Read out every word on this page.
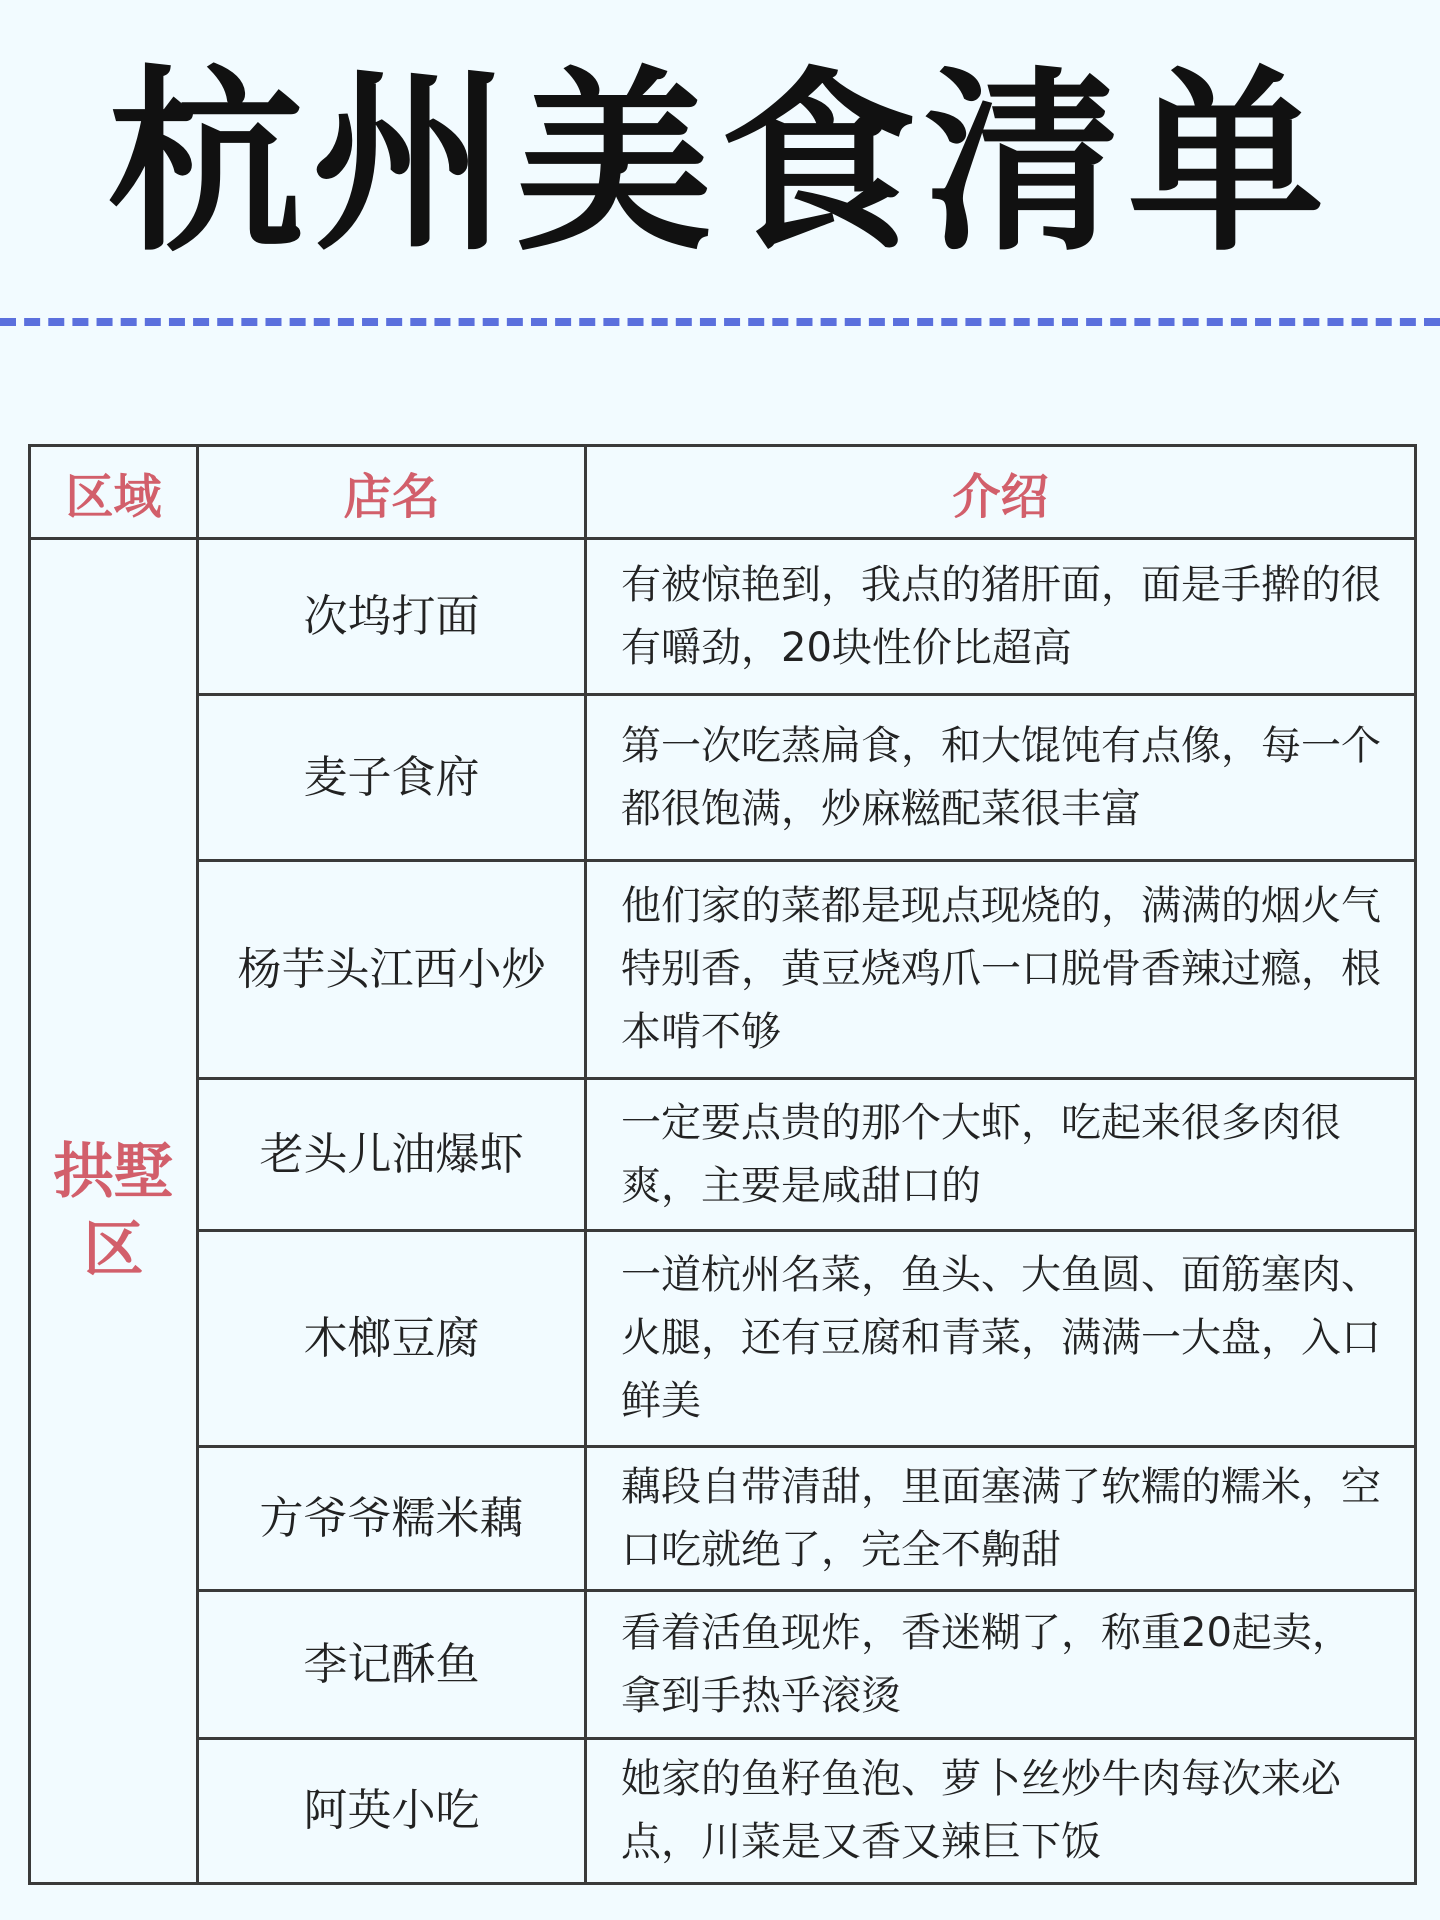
杭州美食清单
区域	店名	介绍
拱墅区	次坞打面	有被惊艳到，我点的猪肝面，面是手擀的很有嚼劲，20块性价比超高
	麦子食府	第一次吃蒸扁食，和大馄饨有点像，每一个都很饱满，炒麻糍配菜很丰富
	杨芋头江西小炒	他们家的菜都是现点现烧的，满满的烟火气特别香，黄豆烧鸡爪一口脱骨香辣过瘾，根本啃不够
	老头儿油爆虾	一定要点贵的那个大虾，吃起来很多肉很爽，主要是咸甜口的
	木榔豆腐	一道杭州名菜，鱼头、大鱼圆、面筋塞肉、火腿，还有豆腐和青菜，满满一大盘，入口鲜美
	方爷爷糯米藕	藕段自带清甜，里面塞满了软糯的糯米，空口吃就绝了，完全不齁甜
	李记酥鱼	看着活鱼现炸，香迷糊了，称重20起卖，拿到手热乎滚烫
	阿英小吃	她家的鱼籽鱼泡、萝卜丝炒牛肉每次来必点，川菜是又香又辣巨下饭
